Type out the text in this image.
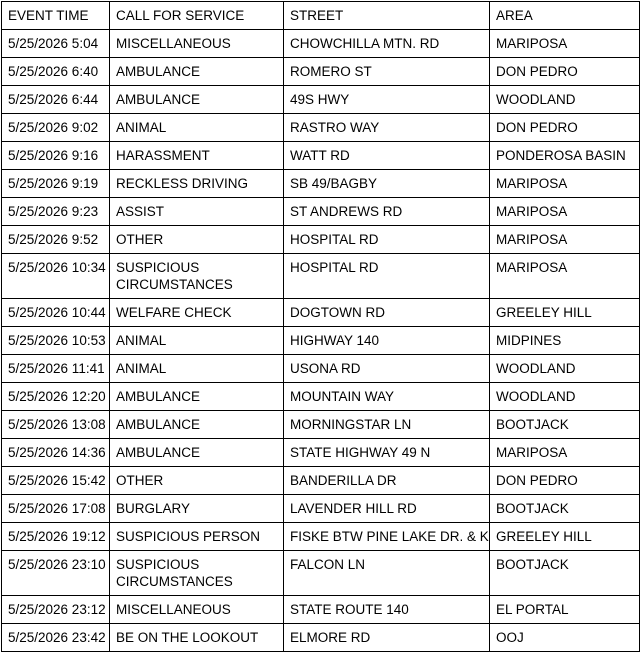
EVENT TIME	CALL FOR SERVICE	STREET	AREA
5/25/2026 5:04	MISCELLANEOUS	CHOWCHILLA MTN. RD	MARIPOSA
5/25/2026 6:40	AMBULANCE	ROMERO ST	DON PEDRO
5/25/2026 6:44	AMBULANCE	49S HWY	WOODLAND
5/25/2026 9:02	ANIMAL	RASTRO WAY	DON PEDRO
5/25/2026 9:16	HARASSMENT	WATT RD	PONDEROSA BASIN
5/25/2026 9:19	RECKLESS DRIVING	SB 49/BAGBY	MARIPOSA
5/25/2026 9:23	ASSIST	ST ANDREWS RD	MARIPOSA
5/25/2026 9:52	OTHER	HOSPITAL RD	MARIPOSA
5/25/2026 10:34	SUSPICIOUS CIRCUMSTANCES	HOSPITAL RD	MARIPOSA
5/25/2026 10:44	WELFARE CHECK	DOGTOWN RD	GREELEY HILL
5/25/2026 10:53	ANIMAL	HIGHWAY 140	MIDPINES
5/25/2026 11:41	ANIMAL	USONA RD	WOODLAND
5/25/2026 12:20	AMBULANCE	MOUNTAIN WAY	WOODLAND
5/25/2026 13:08	AMBULANCE	MORNINGSTAR LN	BOOTJACK
5/25/2026 14:36	AMBULANCE	STATE HIGHWAY 49 N	MARIPOSA
5/25/2026 15:42	OTHER	BANDERILLA DR	DON PEDRO
5/25/2026 17:08	BURGLARY	LAVENDER HILL RD	BOOTJACK
5/25/2026 19:12	SUSPICIOUS PERSON	FISKE BTW PINE LAKE DR. & K	GREELEY HILL
5/25/2026 23:10	SUSPICIOUS CIRCUMSTANCES	FALCON LN	BOOTJACK
5/25/2026 23:12	MISCELLANEOUS	STATE ROUTE 140	EL PORTAL
5/25/2026 23:42	BE ON THE LOOKOUT	ELMORE RD	OOJ
